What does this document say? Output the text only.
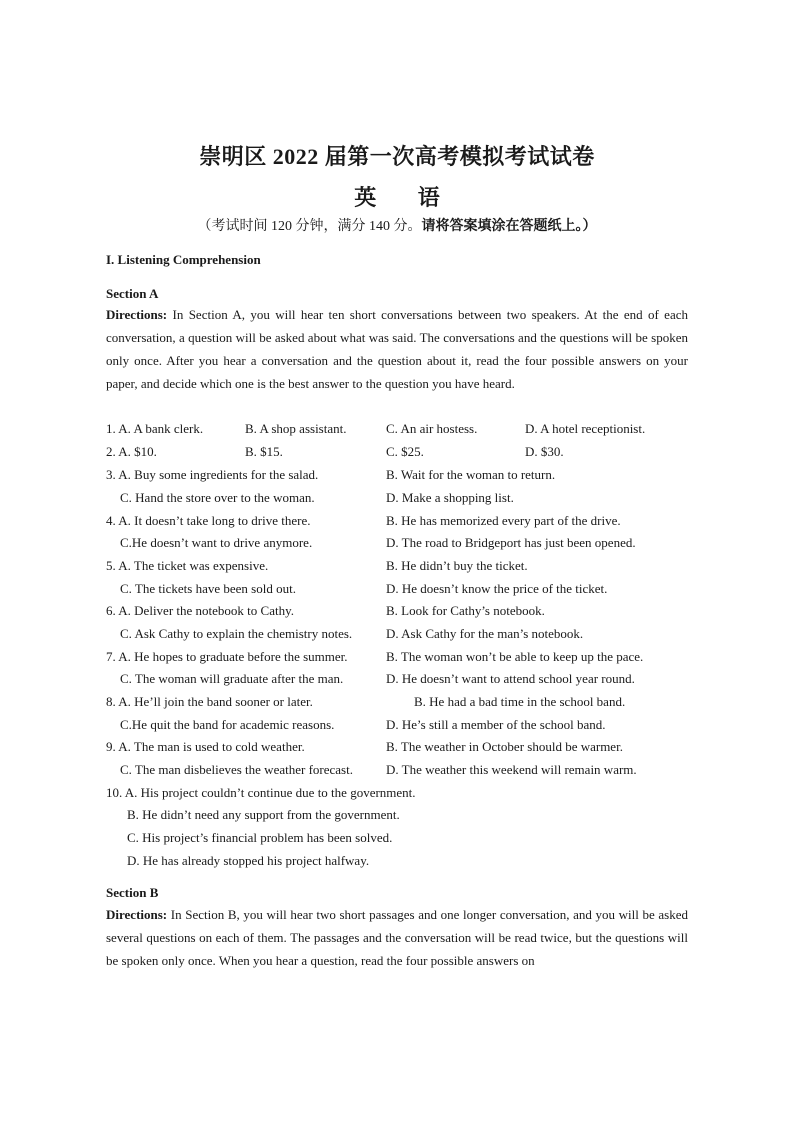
崇明区 2022 届第一次高考模拟考试试卷
英 语
（考试时间 120 分钟，满分 140 分。请将答案填涂在答题纸上。）
I. Listening Comprehension
Section A
Directions: In Section A, you will hear ten short conversations between two speakers. At the end of each conversation, a question will be asked about what was said. The conversations and the questions will be spoken only once. After you hear a conversation and the question about it, read the four possible answers on your paper, and decide which one is the best answer to the question you have heard.
1. A. A bank clerk.	B. A shop assistant.	C. An air hostess.	D. A hotel receptionist.
2. A. $10.	B. $15.	C. $25.	D. $30.
3. A. Buy some ingredients for the salad.	B. Wait for the woman to return.
C. Hand the store over to the woman.	D. Make a shopping list.
4. A. It doesn’t take long to drive there.	B. He has memorized every part of the drive.
C.He doesn’t want to drive anymore.	D. The road to Bridgeport has just been opened.
5. A. The ticket was expensive.	B. He didn’t buy the ticket.
C. The tickets have been sold out.	D. He doesn’t know the price of the ticket.
6. A. Deliver the notebook to Cathy.	B. Look for Cathy’s notebook.
C. Ask Cathy to explain the chemistry notes.	D. Ask Cathy for the man’s notebook.
7. A. He hopes to graduate before the summer.	B. The woman won’t be able to keep up the pace.
C. The woman will graduate after the man.	D. He doesn’t want to attend school year round.
8. A. He’ll join the band sooner or later.	B. He had a bad time in the school band.
C.He quit the band for academic reasons.	D. He’s still a member of the school band.
9. A. The man is used to cold weather.	B. The weather in October should be warmer.
C. The man disbelieves the weather forecast.	D. The weather this weekend will remain warm.
10. A. His project couldn’t continue due to the government.
B. He didn’t need any support from the government.
C. His project’s financial problem has been solved.
D. He has already stopped his project halfway.
Section B
Directions: In Section B, you will hear two short passages and one longer conversation, and you will be asked several questions on each of them. The passages and the conversation will be read twice, but the questions will be spoken only once. When you hear a question, read the four possible answers on
